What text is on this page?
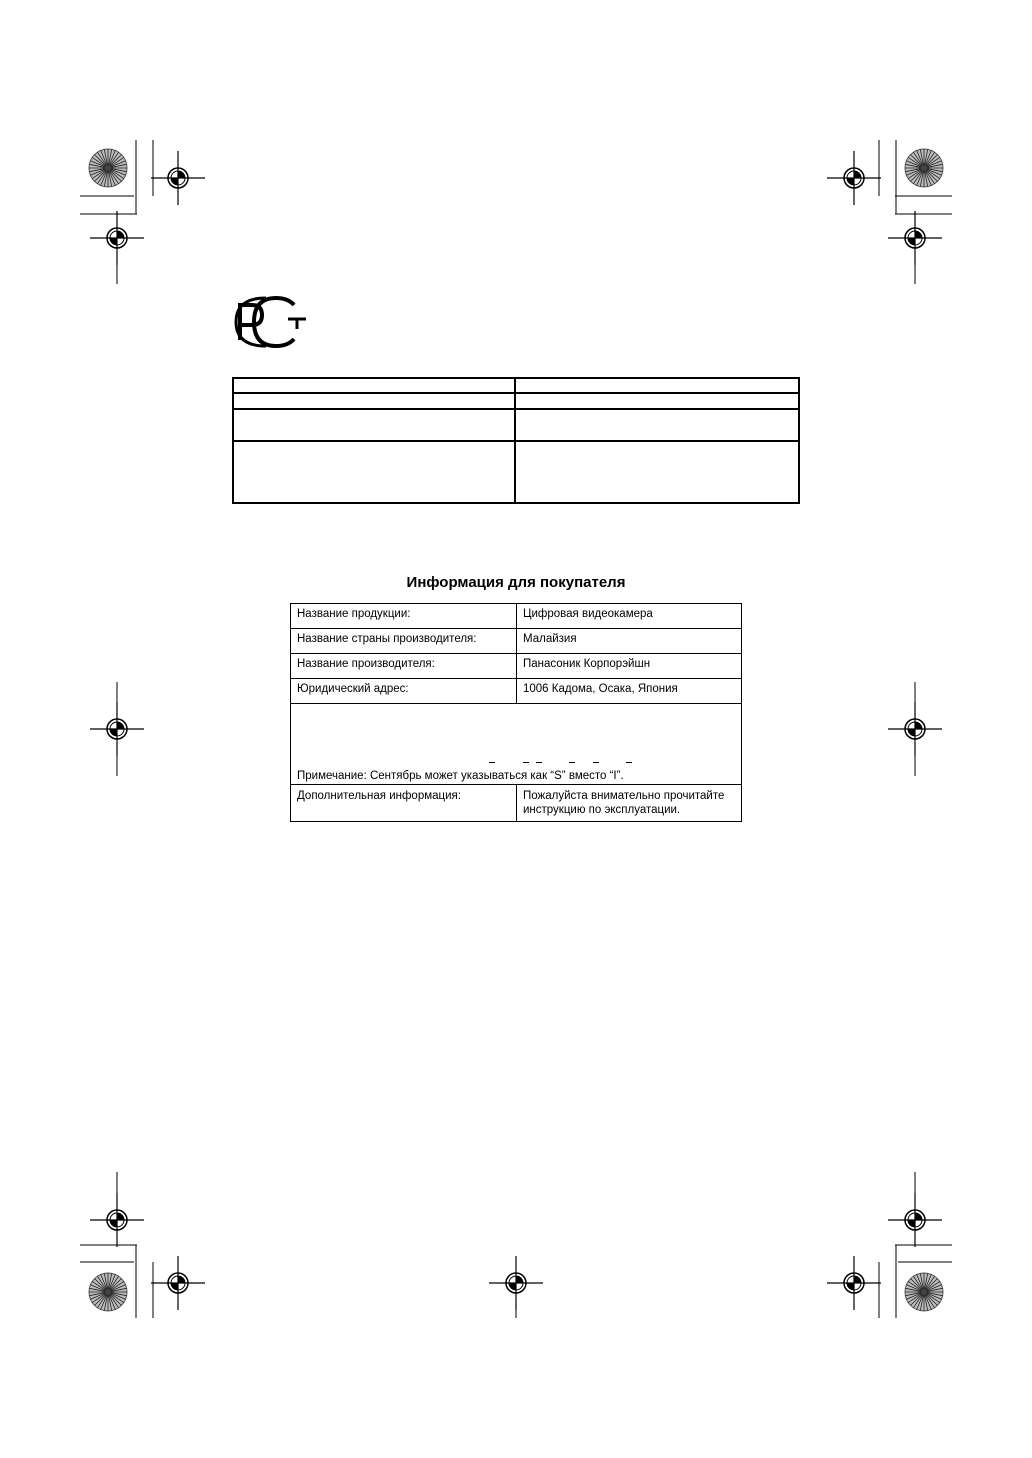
Информация для покупателя
Название продукции:	Цифровая видеокамера
Название страны производителя:	Малайзия
Название производителя:	Панасоник Корпорэйшн
Юридический адрес:	1006 Кадома, Осака, Япония
Примечание: Сентябрь может указываться как “S” вместо “I”.	
Дополнительная информация:	Пожалуйста внимательно прочитайте инструкцию по эксплуатации.
